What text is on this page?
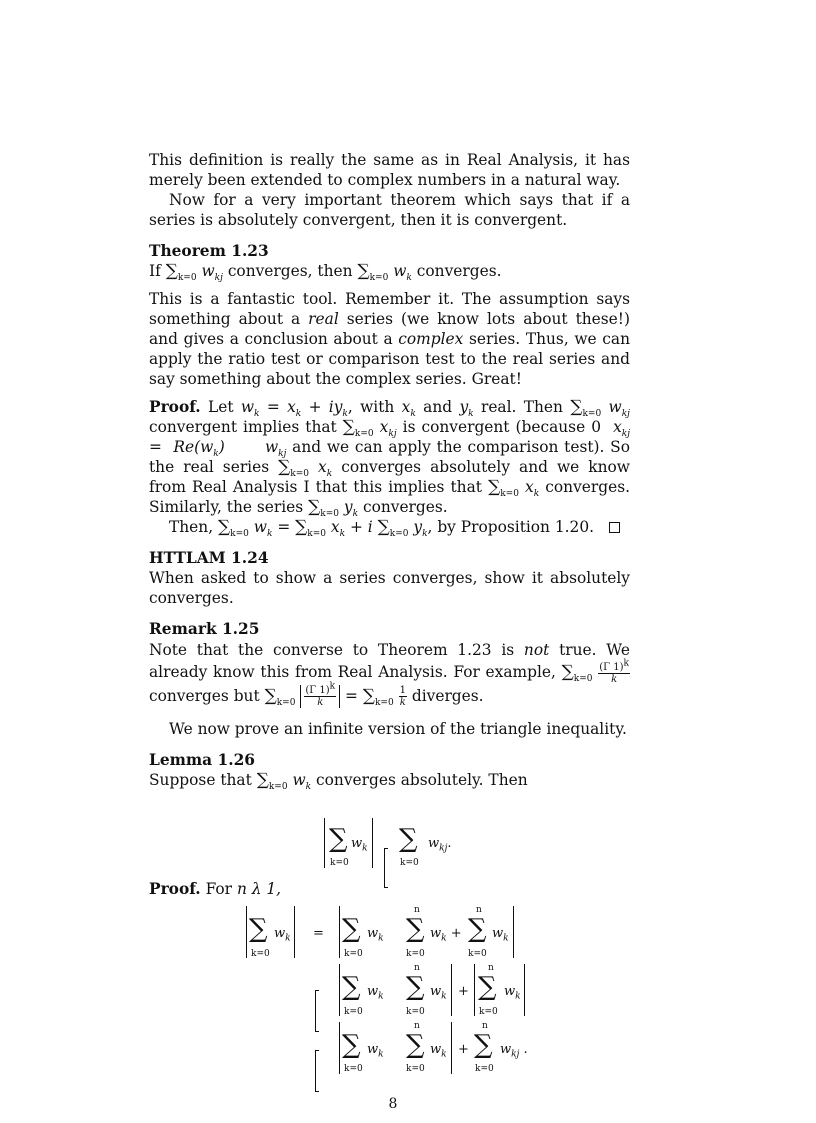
This definition is really the same as in Real Analysis, it has merely been extended to complex numbers in a natural way.

Now for a very important theorem which says that if a series is absolutely convergent, then it is convergent.

Theorem 1.23

If $\sum_{k=0}$ $w_{kj}$ converges, then $\sum_{k=0}$ $w_k$ converges.

This is a fantastic tool. Remember it. The assumption says something about a real series (we know lots about these!) and gives a conclusion about a complex series. Thus, we can apply the ratio test or comparison test to the real series and say something about the complex series. Great!

Proof. Let $w_k = x_k + iy_k$, with $x_k$ and $y_k$ real. Then $\sum_{k=0}$ $w_{kj}$ convergent implies that $\sum_{k=0}$ $x_{kj}$ is convergent (because 0  $x_{kj} = Re(w_k)$       $w_{kj}$ and we can apply the comparison test). So the real series $\sum_{k=0}$ $x_k$ converges absolutely and we know from Real Analysis I that this implies that $\sum_{k=0}$ $x_k$ converges. Similarly, the series $\sum_{k=0}$ $y_k$ converges.

Then, $\sum_{k=0}$ $w_k = \sum_{k=0}$ $x_k + i$ $\sum_{k=0}$ $y_k$, by Proposition 1.20.

HTTLAM 1.24

When asked to show a series converges, show it absolutely converges.

Remark 1.25

Note that the converse to Theorem 1.23 is not true. We already know this from Real Analysis. For example, $\sum_{k=0} \frac{(\Gamma 1)^k}{k}$
converges but $\sum_{k=0} \frac{(\Gamma 1)^k}{k} = \sum_{k=0} \frac{1}{k}$ diverges.

We now prove an infinite version of the triangle inequality.

Lemma 1.26

Suppose that $\sum_{k=0}$ $w_k$ converges absolutely. Then

∑
k=0
$w_k$ ∑
k=0
$w_{kj}$.
Proof. For n λ 1,
∑
k=0
$w_k$ = ∑
k=0
$w_k$
n
∑
k=0
$w_k$ +
n
∑
k=0
$w_k$
∑
k=0
$w_k$
n
∑
k=0
$w_k$ +
n
∑
k=0
$w_k$
∑
k=0
$w_k$
n
∑
k=0
$w_k$ +
n
∑
k=0
$w_{kj}$ .
8
